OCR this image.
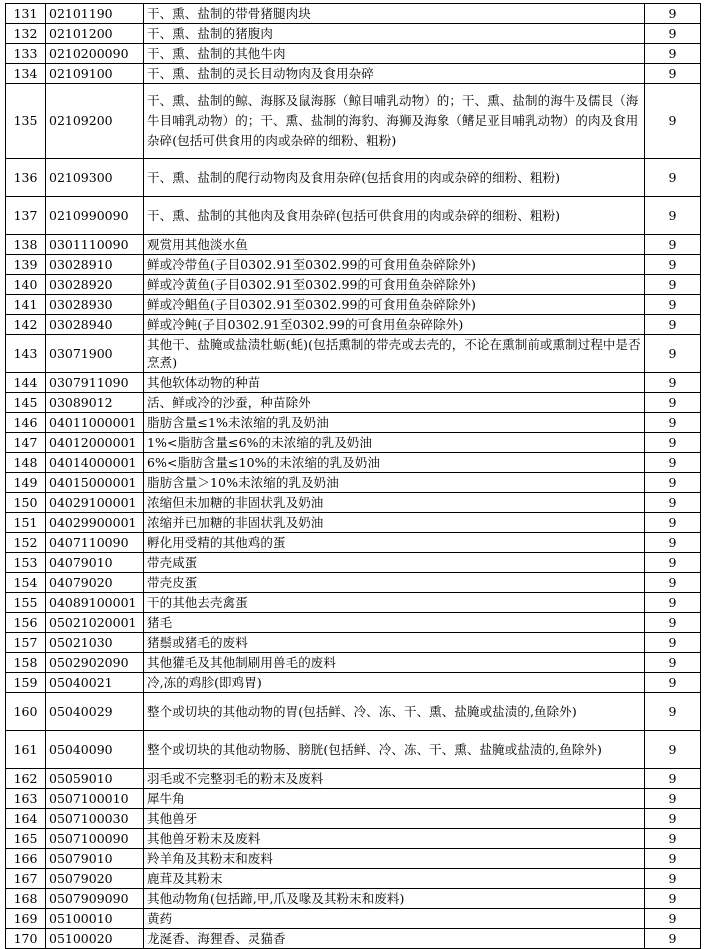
131	02101190	干、熏、盐制的带骨猪腿肉块	9
132	02101200	干、熏、盐制的猪腹肉	9
133	0210200090	干、熏、盐制的其他牛肉	9
134	02109100	干、熏、盐制的灵长目动物肉及食用杂碎	9
135	02109200	干、熏、盐制的鲸、海豚及鼠海豚（鲸目哺乳动物）的；干、熏、盐制的海牛及儒艮（海牛目哺乳动物）的；干、熏、盐制的海豹、海狮及海象（鳍足亚目哺乳动物）的肉及食用杂碎(包括可供食用的肉或杂碎的细粉、粗粉)	9
136	02109300	干、熏、盐制的爬行动物肉及食用杂碎(包括食用的肉或杂碎的细粉、粗粉)	9
137	0210990090	干、熏、盐制的其他肉及食用杂碎(包括可供食用的肉或杂碎的细粉、粗粉)	9
138	0301110090	观赏用其他淡水鱼	9
139	03028910	鲜或冷带鱼(子目0302.91至0302.99的可食用鱼杂碎除外)	9
140	03028920	鲜或冷黄鱼(子目0302.91至0302.99的可食用鱼杂碎除外)	9
141	03028930	鲜或冷鲳鱼(子目0302.91至0302.99的可食用鱼杂碎除外)	9
142	03028940	鲜或冷鲀(子目0302.91至0302.99的可食用鱼杂碎除外)	9
143	03071900	其他干、盐腌或盐渍牡蛎(蚝)(包括熏制的带壳或去壳的，不论在熏制前或熏制过程中是否烹煮)	9
144	0307911090	其他软体动物的种苗	9
145	03089012	活、鲜或冷的沙蚕，种苗除外	9
146	04011000001	脂肪含量≤1%未浓缩的乳及奶油	9
147	04012000001	1%<脂肪含量≤6%的未浓缩的乳及奶油	9
148	04014000001	6%<脂肪含量≤10%的未浓缩的乳及奶油	9
149	04015000001	脂肪含量＞10%未浓缩的乳及奶油	9
150	04029100001	浓缩但未加糖的非固状乳及奶油	9
151	04029900001	浓缩并已加糖的非固状乳及奶油	9
152	0407110090	孵化用受精的其他鸡的蛋	9
153	04079010	带壳咸蛋	9
154	04079020	带壳皮蛋	9
155	04089100001	干的其他去壳禽蛋	9
156	05021020001	猪毛	9
157	05021030	猪鬃或猪毛的废料	9
158	0502902090	其他獾毛及其他制刷用兽毛的废料	9
159	05040021	冷,冻的鸡胗(即鸡胃)	9
160	05040029	整个或切块的其他动物的胃(包括鲜、冷、冻、干、熏、盐腌或盐渍的,鱼除外)	9
161	05040090	整个或切块的其他动物肠、膀胱(包括鲜、冷、冻、干、熏、盐腌或盐渍的,鱼除外)	9
162	05059010	羽毛或不完整羽毛的粉末及废料	9
163	0507100010	犀牛角	9
164	0507100030	其他兽牙	9
165	0507100090	其他兽牙粉末及废料	9
166	05079010	羚羊角及其粉末和废料	9
167	05079020	鹿茸及其粉末	9
168	0507909090	其他动物角(包括蹄,甲,爪及喙及其粉末和废料)	9
169	05100010	黄药	9
170	05100020	龙涎香、海狸香、灵猫香	9
